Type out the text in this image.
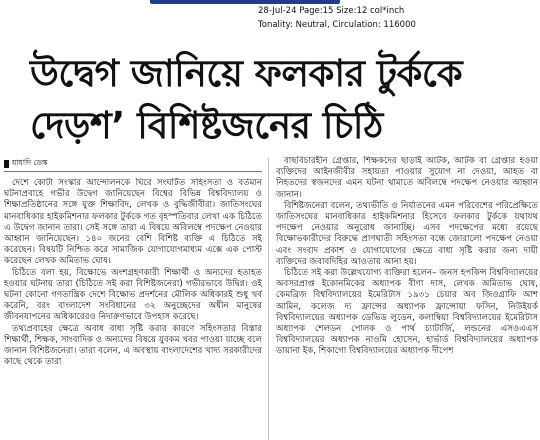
28-Jul-24 Page:15 Size:12 col*inch
Tonality: Neutral, Circulation: 116000
উদ্বেগ জানিয়ে ফলকার টুর্ককে
দেড়শ’ বিশিষ্টজনের চিঠি
যাযাদি ডেস্ক

দেশে কোটা সংস্কার আন্দোলনকে ঘিরে সংঘটিত সহিংসতা ও বর্তমান ঘটনাপ্রবাহে গভীর উদ্বেগ জানিয়েছেন বিশ্বের বিভিন্ন বিশ্ববিদ্যালয় ও শিক্ষাপ্রতিষ্ঠানের সঙ্গে যুক্ত শিক্ষাবিদ, লেখক ও বুদ্ধিজীবীরা। জাতিসংঘের মানবাধিকার হাইকমিশনার ফলকার টুর্ককে গত বৃহস্পতিবার লেখা এক চিঠিতে এ উদ্বেগ জানান তারা। সেই সঙ্গে তারা এ বিষয়ে অবিলম্বে পদক্ষেপ নেওয়ার আহ্বান জানিয়েছেন। ১৪০ জনের বেশি বিশিষ্ট ব্যক্তি এ চিঠিতে সই করেছেন। বিষয়টি নিশ্চিত করে সামাজিক যোগাযোগমাধ্যম এক্সে এক পোস্ট করেছেন লেখক অমিতাভ ঘোষ।

চিঠিতে বলা হয়, বিক্ষোভে অংশগ্রহণকারী শিক্ষার্থী ও অন্যদের হতাহত হওয়ার ঘটনায় তারা (চিঠিতে সই করা বিশিষ্টজনেরা) গভীরভাবে উদ্বিগ্ন। ওই ঘটনা কোনো গণতান্ত্রিক দেশে বিক্ষোভ প্রদর্শনের মৌলিক অধিকারই শুধু খর্ব করেনি, বরং বাংলাদেশ সংবিধানের ৩২ অনুচ্ছেদের অধীন মানুষের জীবনযাপনের অধিকারেরও নিদারুণভাবে উপহাস করেছে।

তথ্যপ্রবাহের ক্ষেত্রে অবাধ বাধা সৃষ্টি করার কারণে সহিংসতার বিস্তার শিক্ষার্থী, শিক্ষক, সাংবাদিক ও অন্যদের বিষয়ে যুবকম খবর পাওয়া যাচ্ছে বলে জানান বিশিষ্টজনেরা। তারা বলেন, এ অবস্থায় বাংলাদেশের খাদ্য সরকারীদের কাছে থেকে তারা

বাছবিচারহীন গ্রেপ্তার, শিক্ষকদের ছাড়াই আটক, আটক বা গ্রেপ্তার হওয়া ব্যক্তিদের আইনজীবীর সহায়তা পাওয়ার সুযোগ না দেওয়া, আহত বা নিহতদের স্বজনদের এমন ঘটনা থামাতে অবিলম্বে পদক্ষেপ নেওয়ার আহ্বান জানান।

বিশিষ্টজনেরা বলেন, তথ্যভীতি ও নির্যাতনের এমন পরিবেশের পরিপ্রেক্ষিতে জাতিসংঘের মানবাধিকার হাইকমিশনার হিসেবে ফলকার টুর্ককে যথাযথ পদক্ষেপ নেওয়ার অনুরোধ জানাচ্ছি। এসব পদক্ষেপের মধ্যে রয়েছে বিক্ষোভকারীদের বিরুদ্ধে প্রাণঘাতী সহিংসতা বন্ধে জোরালো পদক্ষেপ নেওয়া এবং সংবাদ প্রকাশ ও যোগাযোগের ক্ষেত্রে বাধা সৃষ্টি করার জন্য দায়ী ব্যক্তিদের জবাবদিহির আওতায় আনা হয়।

চিঠিতে সই করা উল্লেখযোগ্য ব্যক্তিরা হলেন– জনস হপকিন্স বিশ্ববিদ্যালয়ের অবসরপ্রাপ্ত ইকোনমিকের অধ্যাপক বীণা দাস, লেখক অমিতাভ ঘোষ, কেমব্রিজ বিশ্ববিদ্যালয়ের ইমেরিটাস ১৯৩১ চেয়ার অব জিওগ্রাফি আশ আমিন, কলেজ দ্য ফ্রান্সের অধ্যাপক ফ্রান্সোয়া ফসিন, নিউইয়র্ক বিশ্ববিদ্যালয়ের অধ্যাপক ডেভিড লুডেন, কলাম্বিয়া বিশ্ববিদ্যালয়ের ইমেরিটাস অধ্যাপক শেলডন পোলক ও পার্থ চ্যাটার্জি, লন্ডনের এসওএএস বিশ্ববিদ্যালয়ের অধ্যাপক নাওমি হোসেন, হার্ভার্ড বিশ্ববিদ্যালয়ের অধ্যাপক ডায়ানা ইক, শিকাগো বিশ্ববিদ্যালয়ের অধ্যাপক দীপেশ
